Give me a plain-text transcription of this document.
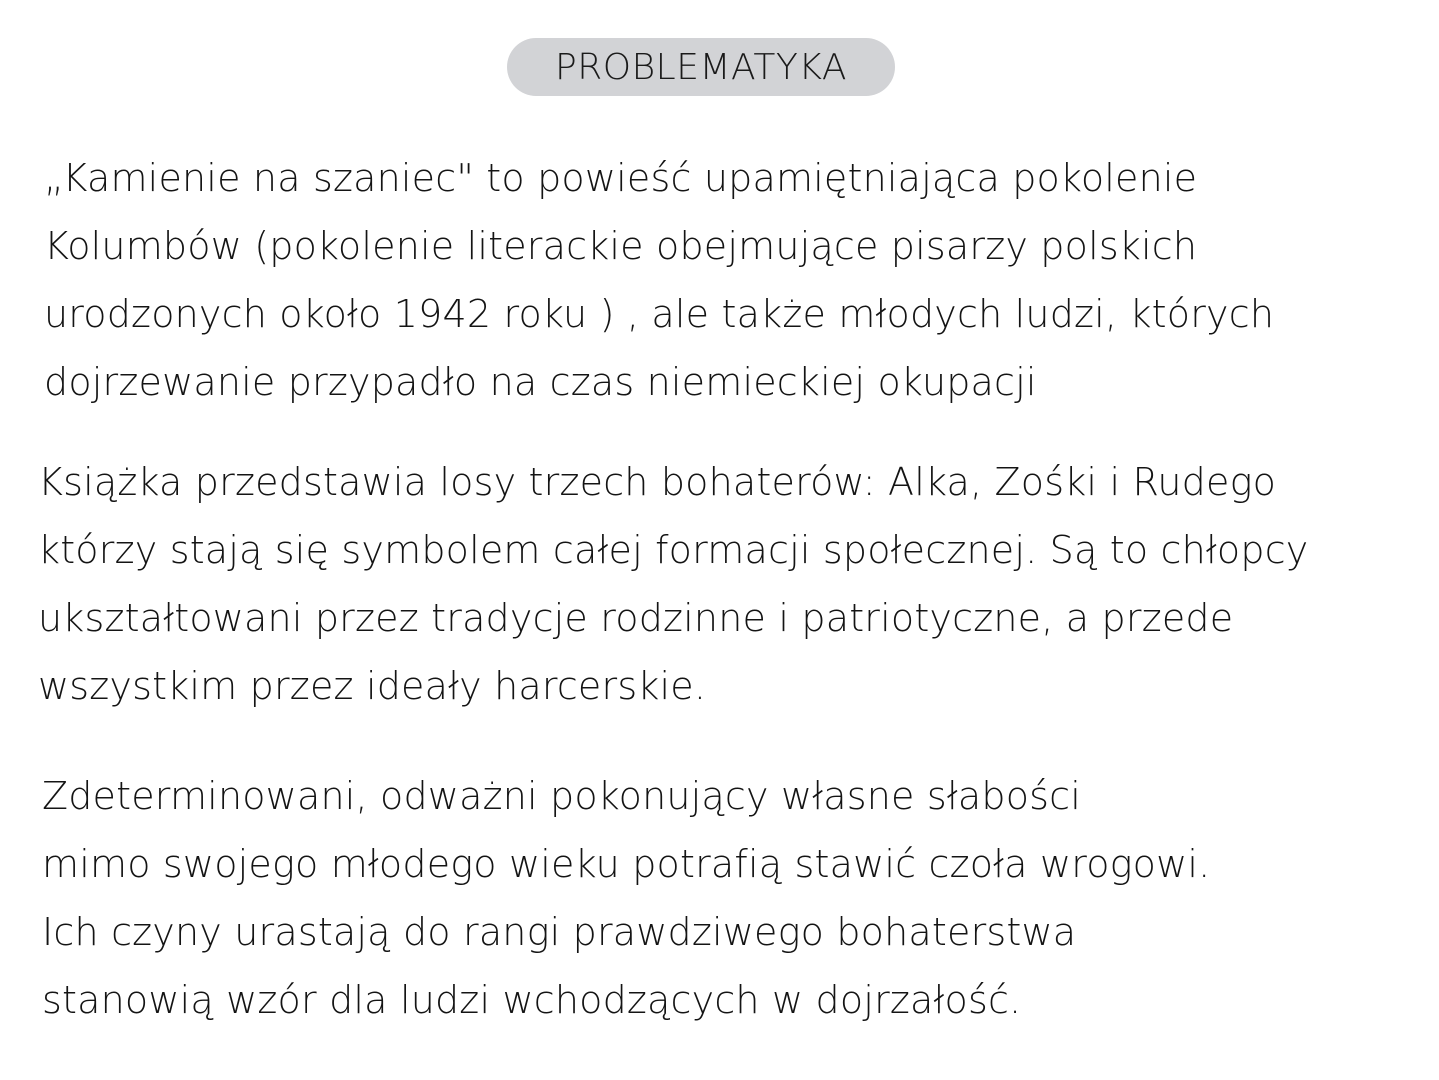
PROBLEMATYKA
„Kamienie na szaniec" to powieść upamiętniająca pokolenie
Kolumbów (pokolenie literackie obejmujące pisarzy polskich
urodzonych około 1942 roku ) , ale także młodych ludzi, których
dojrzewanie przypadło na czas niemieckiej okupacji
Książka przedstawia losy trzech bohaterów: Alka, Zośki i Rudego
którzy stają się symbolem całej formacji społecznej. Są to chłopcy
ukształtowani przez tradycje rodzinne i patriotyczne, a przede
wszystkim przez ideały harcerskie.
Zdeterminowani, odważni pokonujący własne słabości
mimo swojego młodego wieku potrafią stawić czoła wrogowi.
Ich czyny urastają do rangi prawdziwego bohaterstwa
stanowią wzór dla ludzi wchodzących w dojrzałość.
